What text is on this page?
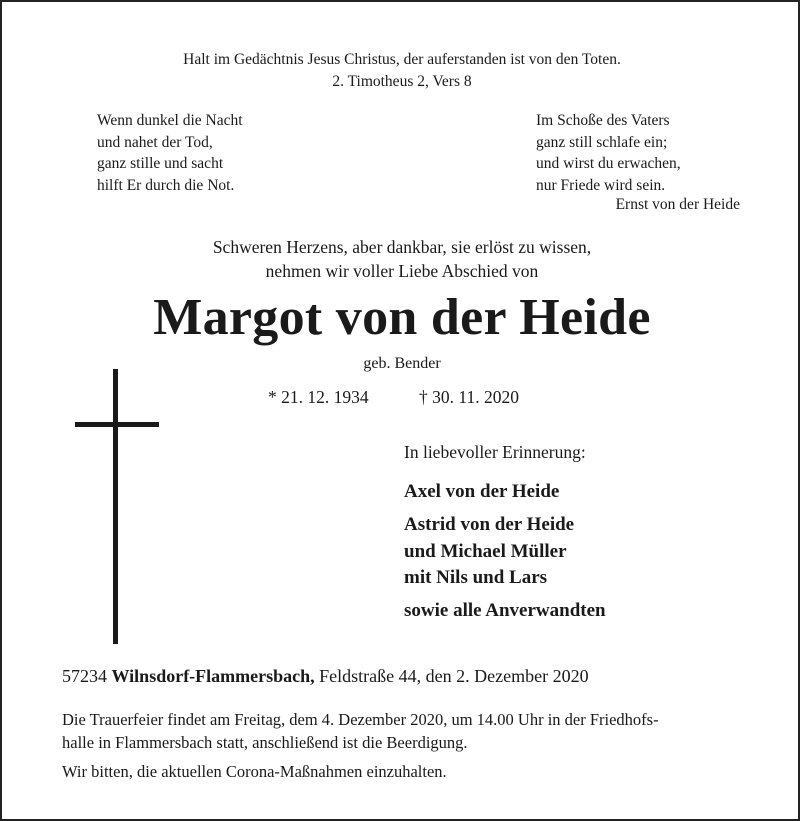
Halt im Gedächtnis Jesus Christus, der auferstanden ist von den Toten.
2. Timotheus 2, Vers 8
Wenn dunkel die Nacht
und nahet der Tod,
ganz stille und sacht
hilft Er durch die Not.
Im Schoße des Vaters
ganz still schlafe ein;
und wirst du erwachen,
nur Friede wird sein.
Ernst von der Heide
Schweren Herzens, aber dankbar, sie erlöst zu wissen,
nehmen wir voller Liebe Abschied von
Margot von der Heide
geb. Bender
* 21. 12. 1934	† 30. 11. 2020
In liebevoller Erinnerung:
Axel von der Heide
Astrid von der Heide
und Michael Müller
mit Nils und Lars
sowie alle Anverwandten
57234 Wilnsdorf-Flammersbach, Feldstraße 44, den 2. Dezember 2020
Die Trauerfeier findet am Freitag, dem 4. Dezember 2020, um 14.00 Uhr in der Friedhofs-
halle in Flammersbach statt, anschließend ist die Beerdigung.
Wir bitten, die aktuellen Corona-Maßnahmen einzuhalten.
